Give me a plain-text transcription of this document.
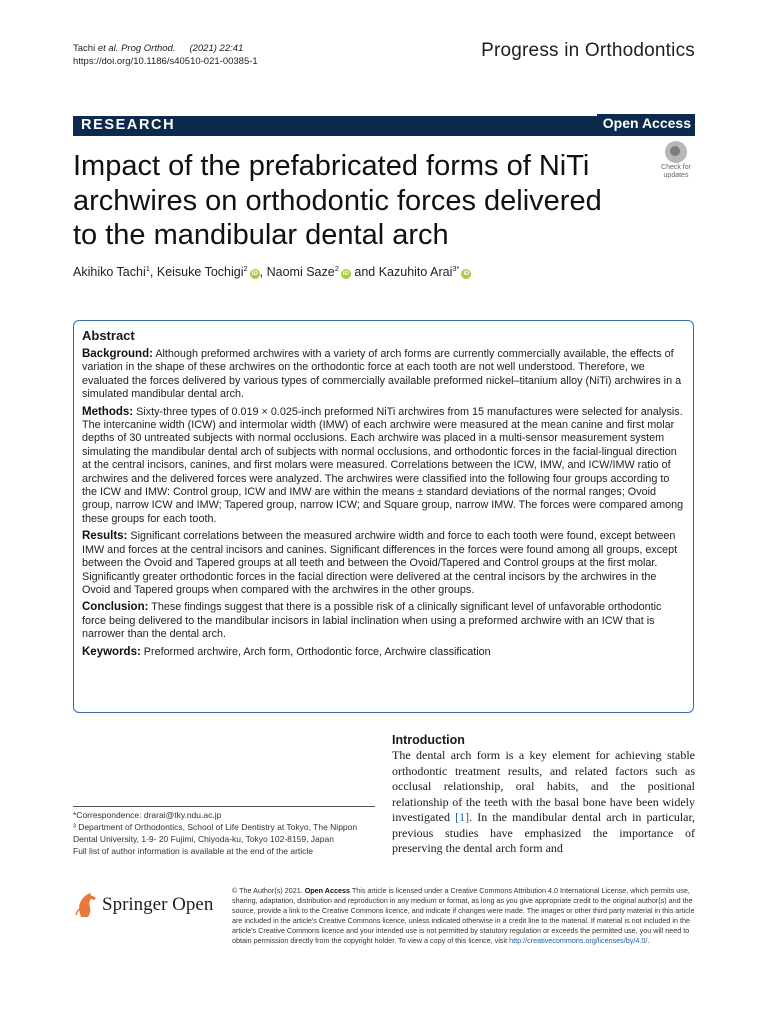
Tachi et al. Prog Orthod. (2021) 22:41
https://doi.org/10.1186/s40510-021-00385-1
Progress in Orthodontics
RESEARCH	Open Access
Impact of the prefabricated forms of NiTi archwires on orthodontic forces delivered to the mandibular dental arch
Check for
updates
Akihiko Tachi$^1$, Keisuke Tochigi$^2$iD , Naomi Saze$^2$iD and Kazuhito Arai$^{3*}$iD
Abstract

Background: Although preformed archwires with a variety of arch forms are currently commercially available, the effects of variation in the shape of these archwires on the orthodontic force at each tooth are not well understood. Therefore, we evaluated the forces delivered by various types of commercially available preformed nickel–titanium alloy (NiTi) archwires in a simulated mandibular dental arch.

Methods: Sixty-three types of 0.019 × 0.025-inch preformed NiTi archwires from 15 manufactures were selected for analysis. The intercanine width (ICW) and intermolar width (IMW) of each archwire were measured at the mean canine and first molar depths of 30 untreated subjects with normal occlusions. Each archwire was placed in a multi-sensor measurement system simulating the mandibular dental arch of subjects with normal occlusions, and orthodontic forces in the facial-lingual direction at the central incisors, canines, and first molars were measured. Correlations between the ICW, IMW, and ICW/IMW ratio of archwires and the delivered forces were analyzed. The archwires were classified into the following four groups according to the ICW and IMW: Control group, ICW and IMW are within the means ± standard deviations of the normal ranges; Ovoid group, narrow ICW and IMW; Tapered group, narrow ICW; and Square group, narrow IMW. The forces were compared among these groups for each tooth.

Results: Significant correlations between the measured archwire width and force to each tooth were found, except between IMW and forces at the central incisors and canines. Significant differences in the forces were found among all groups, except between the Ovoid and Tapered groups at all teeth and between the Ovoid/Tapered and Control groups at the first molar. Significantly greater orthodontic forces in the facial direction were delivered at the central incisors by the archwires in the Ovoid and Tapered groups when compared with the archwires in the other groups.

Conclusion: These findings suggest that there is a possible risk of a clinically significant level of unfavorable orthodontic force being delivered to the mandibular incisors in labial inclination when using a preformed archwire with an ICW that is narrower than the dental arch.

Keywords: Preformed archwire, Arch form, Orthodontic force, Archwire classification

Introduction
The dental arch form is a key element for achieving stable orthodontic treatment results, and related factors such as occlusal relationship, oral habits, and the positional relationship of the teeth with the basal bone have been widely investigated [1]. In the mandibular dental arch in particular, previous studies have emphasized the importance of preserving the dental arch form and
*Correspondence: drarai@tky.ndu.ac.jp
³ Department of Orthodontics, School of Life Dentistry at Tokyo, The Nippon Dental University, 1-9- 20 Fujimi, Chiyoda-ku, Tokyo 102-8159, Japan
Full list of author information is available at the end of the article
Springer Open
© The Author(s) 2021. Open Access This article is licensed under a Creative Commons Attribution 4.0 International License, which permits use, sharing, adaptation, distribution and reproduction in any medium or format, as long as you give appropriate credit to the original author(s) and the source, provide a link to the Creative Commons licence, and indicate if changes were made. The images or other third party material in this article are included in the article's Creative Commons licence, unless indicated otherwise in a credit line to the material. If material is not included in the article's Creative Commons licence and your intended use is not permitted by statutory regulation or exceeds the permitted use, you will need to obtain permission directly from the copyright holder. To view a copy of this licence, visit http://creativecommons.org/licenses/by/4.0/.
